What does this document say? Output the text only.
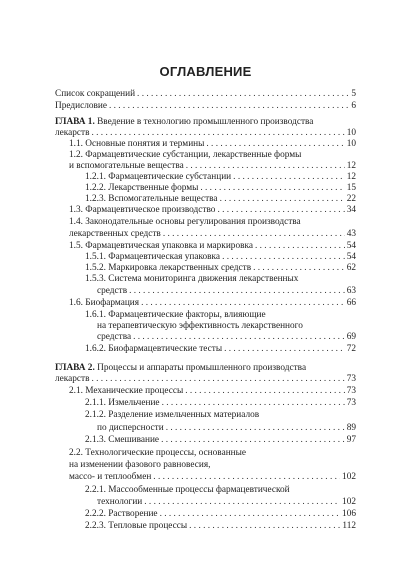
ОГЛАВЛЕНИЕ
Список сокращений . . .	5
Предисловие . . .	6
ГЛАВА 1. Введение в технологию промышленного производства
лекарств . . .	10
1.1. Основные понятия и термины . . .	10
1.2. Фармацевтические субстанции, лекарственные формы
и вспомогательные вещества . . .	12
1.2.1. Фармацевтические субстанции . . .	12
1.2.2. Лекарственные формы . . .	15
1.2.3. Вспомогательные вещества . . .	22
1.3. Фармацевтическое производство . . .	34
1.4. Законодательные основы регулирования производства
лекарственных средств . . .	43
1.5. Фармацевтическая упаковка и маркировка . . .	54
1.5.1. Фармацевтическая упаковка . . .	54
1.5.2. Маркировка лекарственных средств . . .	62
1.5.3. Система мониторинга движения лекарственных
средств . . .	63
1.6. Биофармация . . .	66
1.6.1. Фармацевтические факторы, влияющие
на терапевтическую эффективность лекарственного
средства . . .	69
1.6.2. Биофармацевтические тесты . . .	72
ГЛАВА 2. Процессы и аппараты промышленного производства
лекарств . . .	73
2.1. Механические процессы . . .	73
2.1.1. Измельчение . . .	73
2.1.2. Разделение измельченных материалов
по дисперсности . . .	89
2.1.3. Смешивание . . .	97
2.2. Технологические процессы, основанные
на изменении фазового равновесия,
массо- и теплообмен . . .	102
2.2.1. Массообменные процессы фармацевтической
технологии . . .	102
2.2.2. Растворение . . .	106
2.2.3. Тепловые процессы . . .	112
